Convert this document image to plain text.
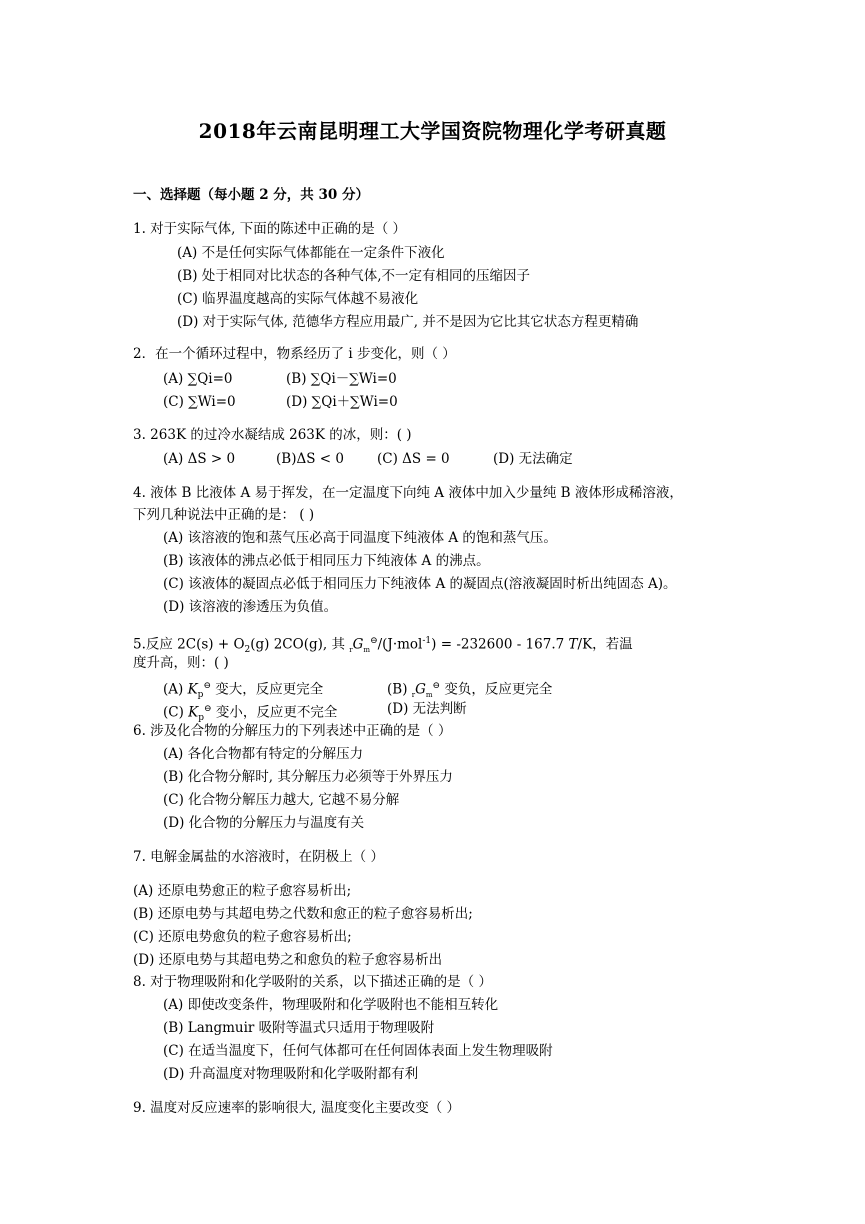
2018年云南昆明理工大学国资院物理化学考研真题
一、选择题（每小题 2 分，共 30 分）
1. 对于实际气体, 下面的陈述中正确的是（ ）
(A) 不是任何实际气体都能在一定条件下液化
(B) 处于相同对比状态的各种气体,不一定有相同的压缩因子
(C) 临界温度越高的实际气体越不易液化
(D) 对于实际气体, 范德华方程应用最广, 并不是因为它比其它状态方程更精确
2．在一个循环过程中，物系经历了 i 步变化，则（ ）
(A) ∑Qi=0	(B) ∑Qi－∑Wi=0
(C) ∑Wi=0	(D) ∑Qi＋∑Wi=0
3. 263K 的过冷水凝结成 263K 的冰，则：( )
(A) ΔS > 0	(B)ΔS < 0 (C) ΔS = 0	(D) 无法确定
4. 液体 B 比液体 A 易于挥发，在一定温度下向纯 A 液体中加入少量纯 B 液体形成稀溶液，
下列几种说法中正确的是： ( )
(A) 该溶液的饱和蒸气压必高于同温度下纯液体 A 的饱和蒸气压。
(B) 该液体的沸点必低于相同压力下纯液体 A 的沸点。
(C) 该液体的凝固点必低于相同压力下纯液体 A 的凝固点(溶液凝固时析出纯固态 A)。
(D) 该溶液的渗透压为负值。
5.反应 $2C(s) + O_2(g)$ 2CO(g), 其 $_rG_m^⊖/(J\cdot mol^{-1}) = -232600 - 167.7$ T/K，若温
度升高，则：( )
(A) $K_p^⊖$ 变大，反应更完全	(B) $_rG_m^⊖$ 变负，反应更完全
(C) $K_p^⊖$ 变小，反应更不完全	(D) 无法判断
6. 涉及化合物的分解压力的下列表述中正确的是（ ）
(A) 各化合物都有特定的分解压力
(B) 化合物分解时, 其分解压力必须等于外界压力
(C) 化合物分解压力越大, 它越不易分解
(D) 化合物的分解压力与温度有关
7. 电解金属盐的水溶液时，在阴极上（ ）
(A) 还原电势愈正的粒子愈容易析出;
(B) 还原电势与其超电势之代数和愈正的粒子愈容易析出;
(C) 还原电势愈负的粒子愈容易析出;
(D) 还原电势与其超电势之和愈负的粒子愈容易析出
8. 对于物理吸附和化学吸附的关系，以下描述正确的是（ ）
(A) 即使改变条件，物理吸附和化学吸附也不能相互转化
(B) Langmuir 吸附等温式只适用于物理吸附
(C) 在适当温度下，任何气体都可在任何固体表面上发生物理吸附
(D) 升高温度对物理吸附和化学吸附都有利
9. 温度对反应速率的影响很大, 温度变化主要改变（ ）
